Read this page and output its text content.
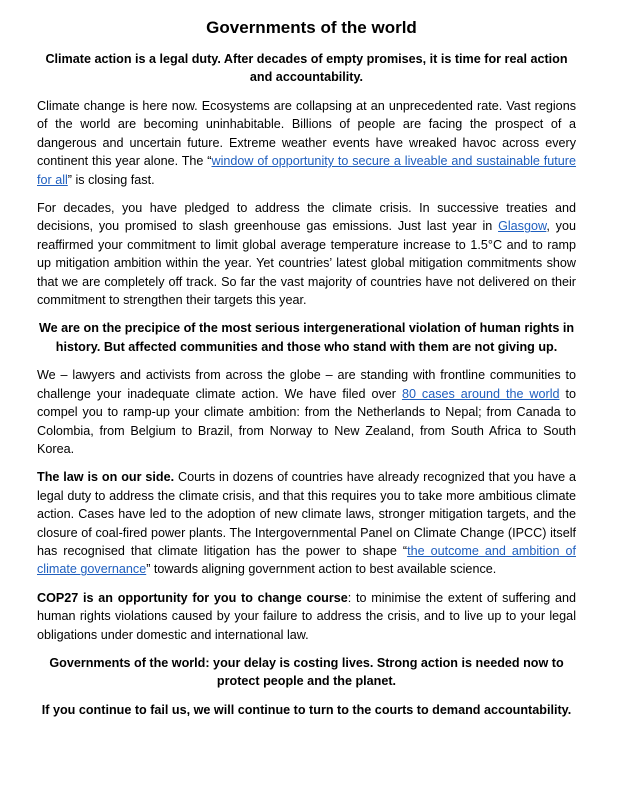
Governments of the world
Climate action is a legal duty. After decades of empty promises, it is time for real action and accountability.

Climate change is here now. Ecosystems are collapsing at an unprecedented rate. Vast regions of the world are becoming uninhabitable. Billions of people are facing the prospect of a dangerous and uncertain future. Extreme weather events have wreaked havoc across every continent this year alone. The “window of opportunity to secure a liveable and sustainable future for all” is closing fast.

For decades, you have pledged to address the climate crisis. In successive treaties and decisions, you promised to slash greenhouse gas emissions. Just last year in Glasgow, you reaffirmed your commitment to limit global average temperature increase to 1.5°C and to ramp up mitigation ambition within the year. Yet countries’ latest global mitigation commitments show that we are completely off track. So far the vast majority of countries have not delivered on their commitment to strengthen their targets this year.

We are on the precipice of the most serious intergenerational violation of human rights in history. But affected communities and those who stand with them are not giving up.

We – lawyers and activists from across the globe – are standing with frontline communities to challenge your inadequate climate action. We have filed over 80 cases around the world to compel you to ramp-up your climate ambition: from the Netherlands to Nepal; from Canada to Colombia, from Belgium to Brazil, from Norway to New Zealand, from South Africa to South Korea.

The law is on our side. Courts in dozens of countries have already recognized that you have a legal duty to address the climate crisis, and that this requires you to take more ambitious climate action. Cases have led to the adoption of new climate laws, stronger mitigation targets, and the closure of coal-fired power plants. The Intergovernmental Panel on Climate Change (IPCC) itself has recognised that climate litigation has the power to shape “the outcome and ambition of climate governance” towards aligning government action to best available science.

COP27 is an opportunity for you to change course: to minimise the extent of suffering and human rights violations caused by your failure to address the crisis, and to live up to your legal obligations under domestic and international law.

Governments of the world: your delay is costing lives. Strong action is needed now to protect people and the planet.

If you continue to fail us, we will continue to turn to the courts to demand accountability.
